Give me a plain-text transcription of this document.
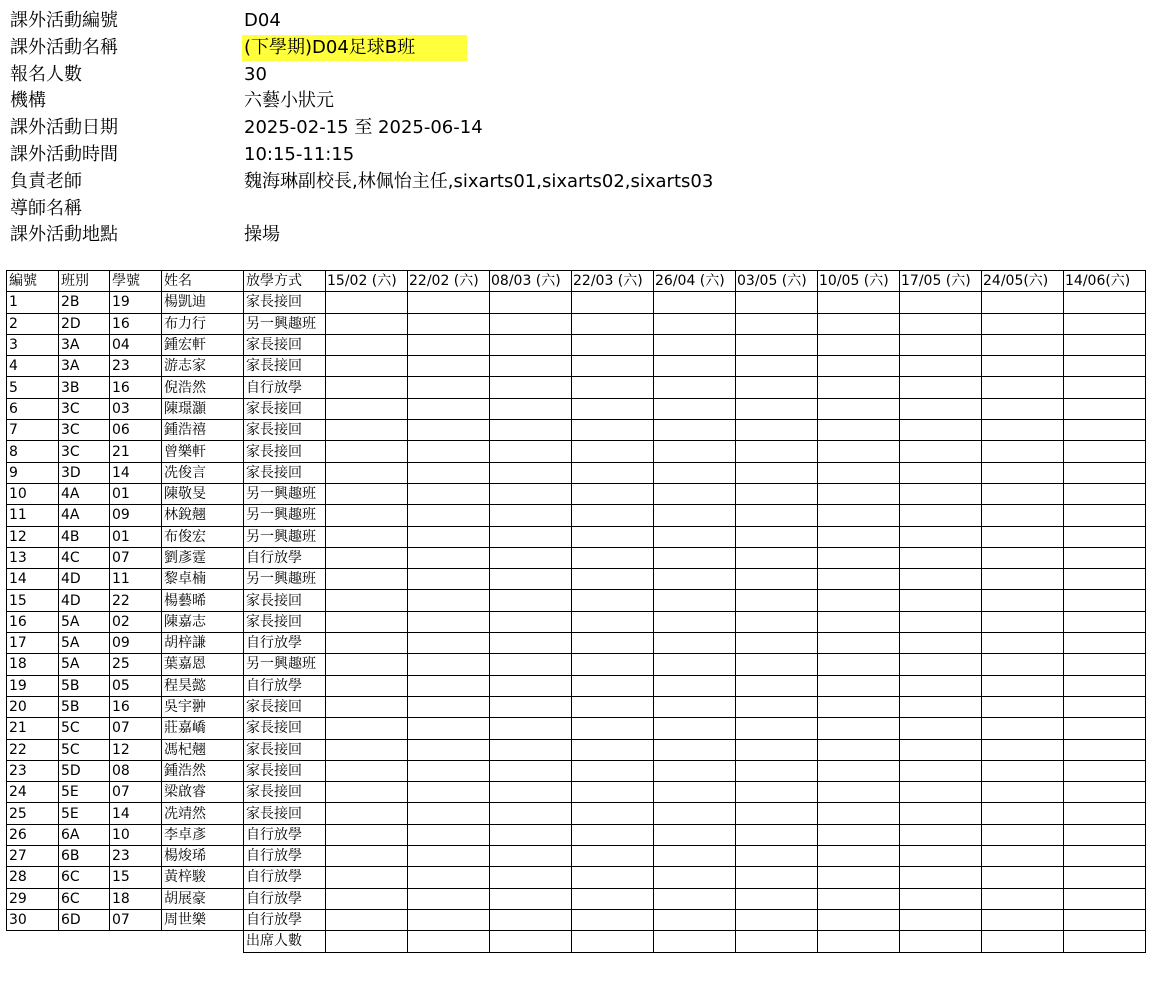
課外活動編號	D04
課外活動名稱	(下學期)D04足球B班
報名人數	30
機構	六藝小狀元
課外活動日期	2025-02-15 至 2025-06-14
課外活動時間	10:15-11:15
負責老師	魏海琳副校長,林佩怡主任,sixarts01,sixarts02,sixarts03
導師名稱
課外活動地點	操場
編號	班別	學號	姓名	放學方式	15/02 (六)	22/02 (六)	08/03 (六)	22/03 (六)	26/04 (六)	03/05 (六)	10/05 (六)	17/05 (六)	24/05(六)	14/06(六)
1	2B	19	楊凱迪	家長接回										
2	2D	16	布力行	另一興趣班										
3	3A	04	鍾宏軒	家長接回										
4	3A	23	游志家	家長接回										
5	3B	16	倪浩然	自行放學										
6	3C	03	陳璟灝	家長接回										
7	3C	06	鍾浩禧	家長接回										
8	3C	21	曾樂軒	家長接回										
9	3D	14	冼俊言	家長接回										
10	4A	01	陳敬旻	另一興趣班										
11	4A	09	林銳翹	另一興趣班										
12	4B	01	布俊宏	另一興趣班										
13	4C	07	劉彥霆	自行放學										
14	4D	11	黎卓楠	另一興趣班										
15	4D	22	楊藝晞	家長接回										
16	5A	02	陳嘉志	家長接回										
17	5A	09	胡梓謙	自行放學										
18	5A	25	葉嘉恩	另一興趣班										
19	5B	05	程昊懿	自行放學										
20	5B	16	吳宇翀	家長接回										
21	5C	07	莊嘉嶠	家長接回										
22	5C	12	馮杞翹	家長接回										
23	5D	08	鍾浩然	家長接回										
24	5E	07	梁啟睿	家長接回										
25	5E	14	冼靖然	家長接回										
26	6A	10	李卓彥	自行放學										
27	6B	23	楊焌琋	自行放學										
28	6C	15	黃梓駿	自行放學										
29	6C	18	胡展豪	自行放學										
30	6D	07	周世樂	自行放學										
				出席人數										
